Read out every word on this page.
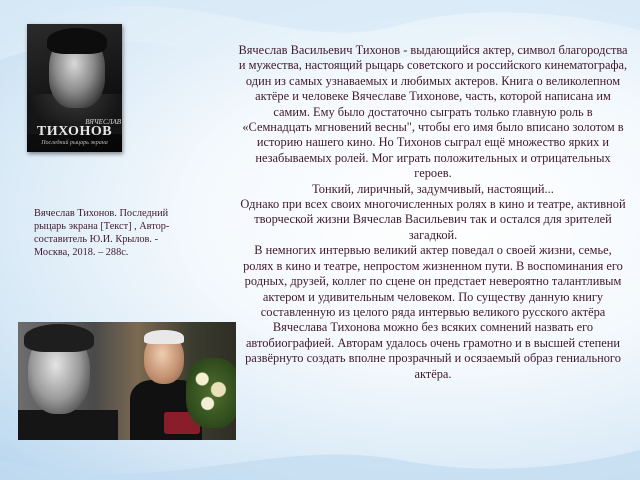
ВЯЧЕСЛАВ
ТИХОНОВ
Последний рыцарь экрана
Вячеслав Тихонов. Последний рыцарь экрана [Текст] , Автор-составитель Ю.И. Крылов. - Москва, 2018. – 288с.

Вячеслав Васильевич Тихонов - выдающийся актер, символ благородства и мужества, настоящий рыцарь советского и российского кинематографа, один из самых узнаваемых и любимых актеров. Книга о великолепном актёре и человеке Вячеславе Тихонове, часть, которой написана им самим. Ему было достаточно сыграть только главную роль в «Семнадцать мгновений весны", чтобы его имя было вписано золотом в историю нашего кино. Но Тихонов сыграл ещё множество ярких и незабываемых ролей. Мог играть положительных и отрицательных героев.

Тонкий, лиричный, задумчивый, настоящий...

Однако при всех своих многочисленных ролях в кино и театре, активной творческой жизни Вячеслав Васильевич так и остался для зрителей загадкой.

В немногих интервью великий актер поведал о своей жизни, семье, ролях в кино и театре, непростом жизненном пути. В воспоминания его родных, друзей, коллег по сцене он предстает невероятно талантливым актером и удивительным человеком. По существу данную книгу составленную из целого ряда интервью великого русского актёра Вячеслава Тихонова можно без всяких сомнений назвать его автобиографией. Авторам удалось очень грамотно и в высшей степени развёрнуто создать вполне прозрачный и осязаемый образ гениального актёра.
